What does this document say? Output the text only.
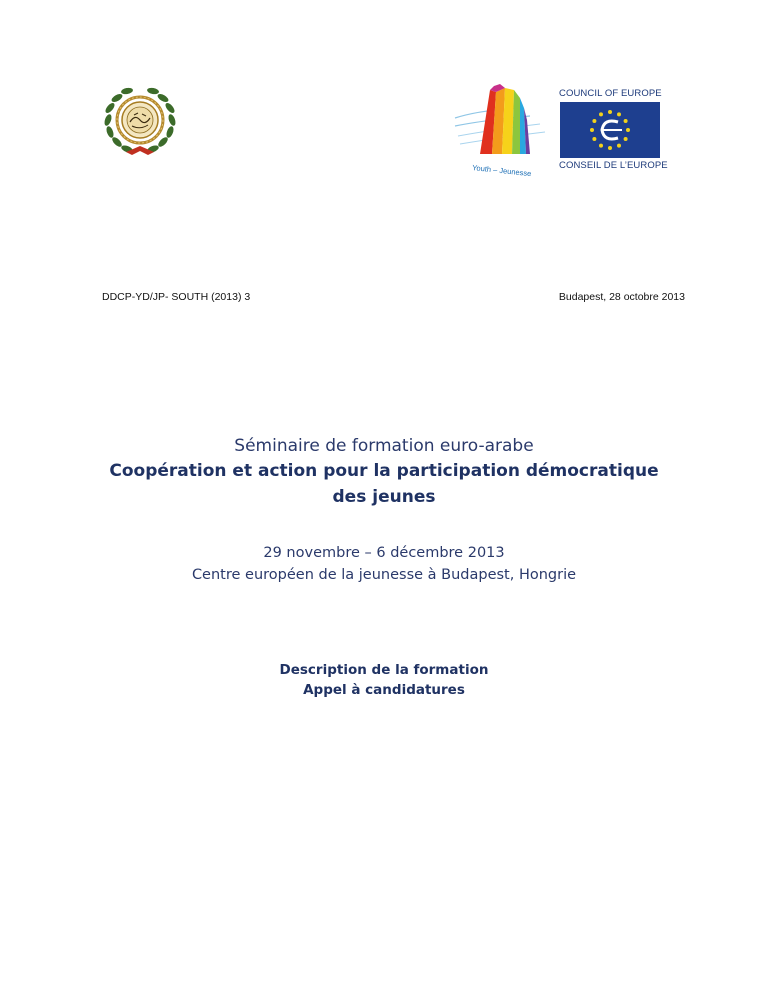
Youth – Jeunesse
COUNCIL OF EUROPE
CONSEIL DE L’EUROPE
DDCP-YD/JP- SOUTH (2013) 3	Budapest, 28 octobre 2013
Séminaire de formation euro-arabe
Coopération et action pour la participation démocratique
des jeunes
29 novembre – 6 décembre 2013
Centre européen de la jeunesse à Budapest, Hongrie
Description de la formation
Appel à candidatures
